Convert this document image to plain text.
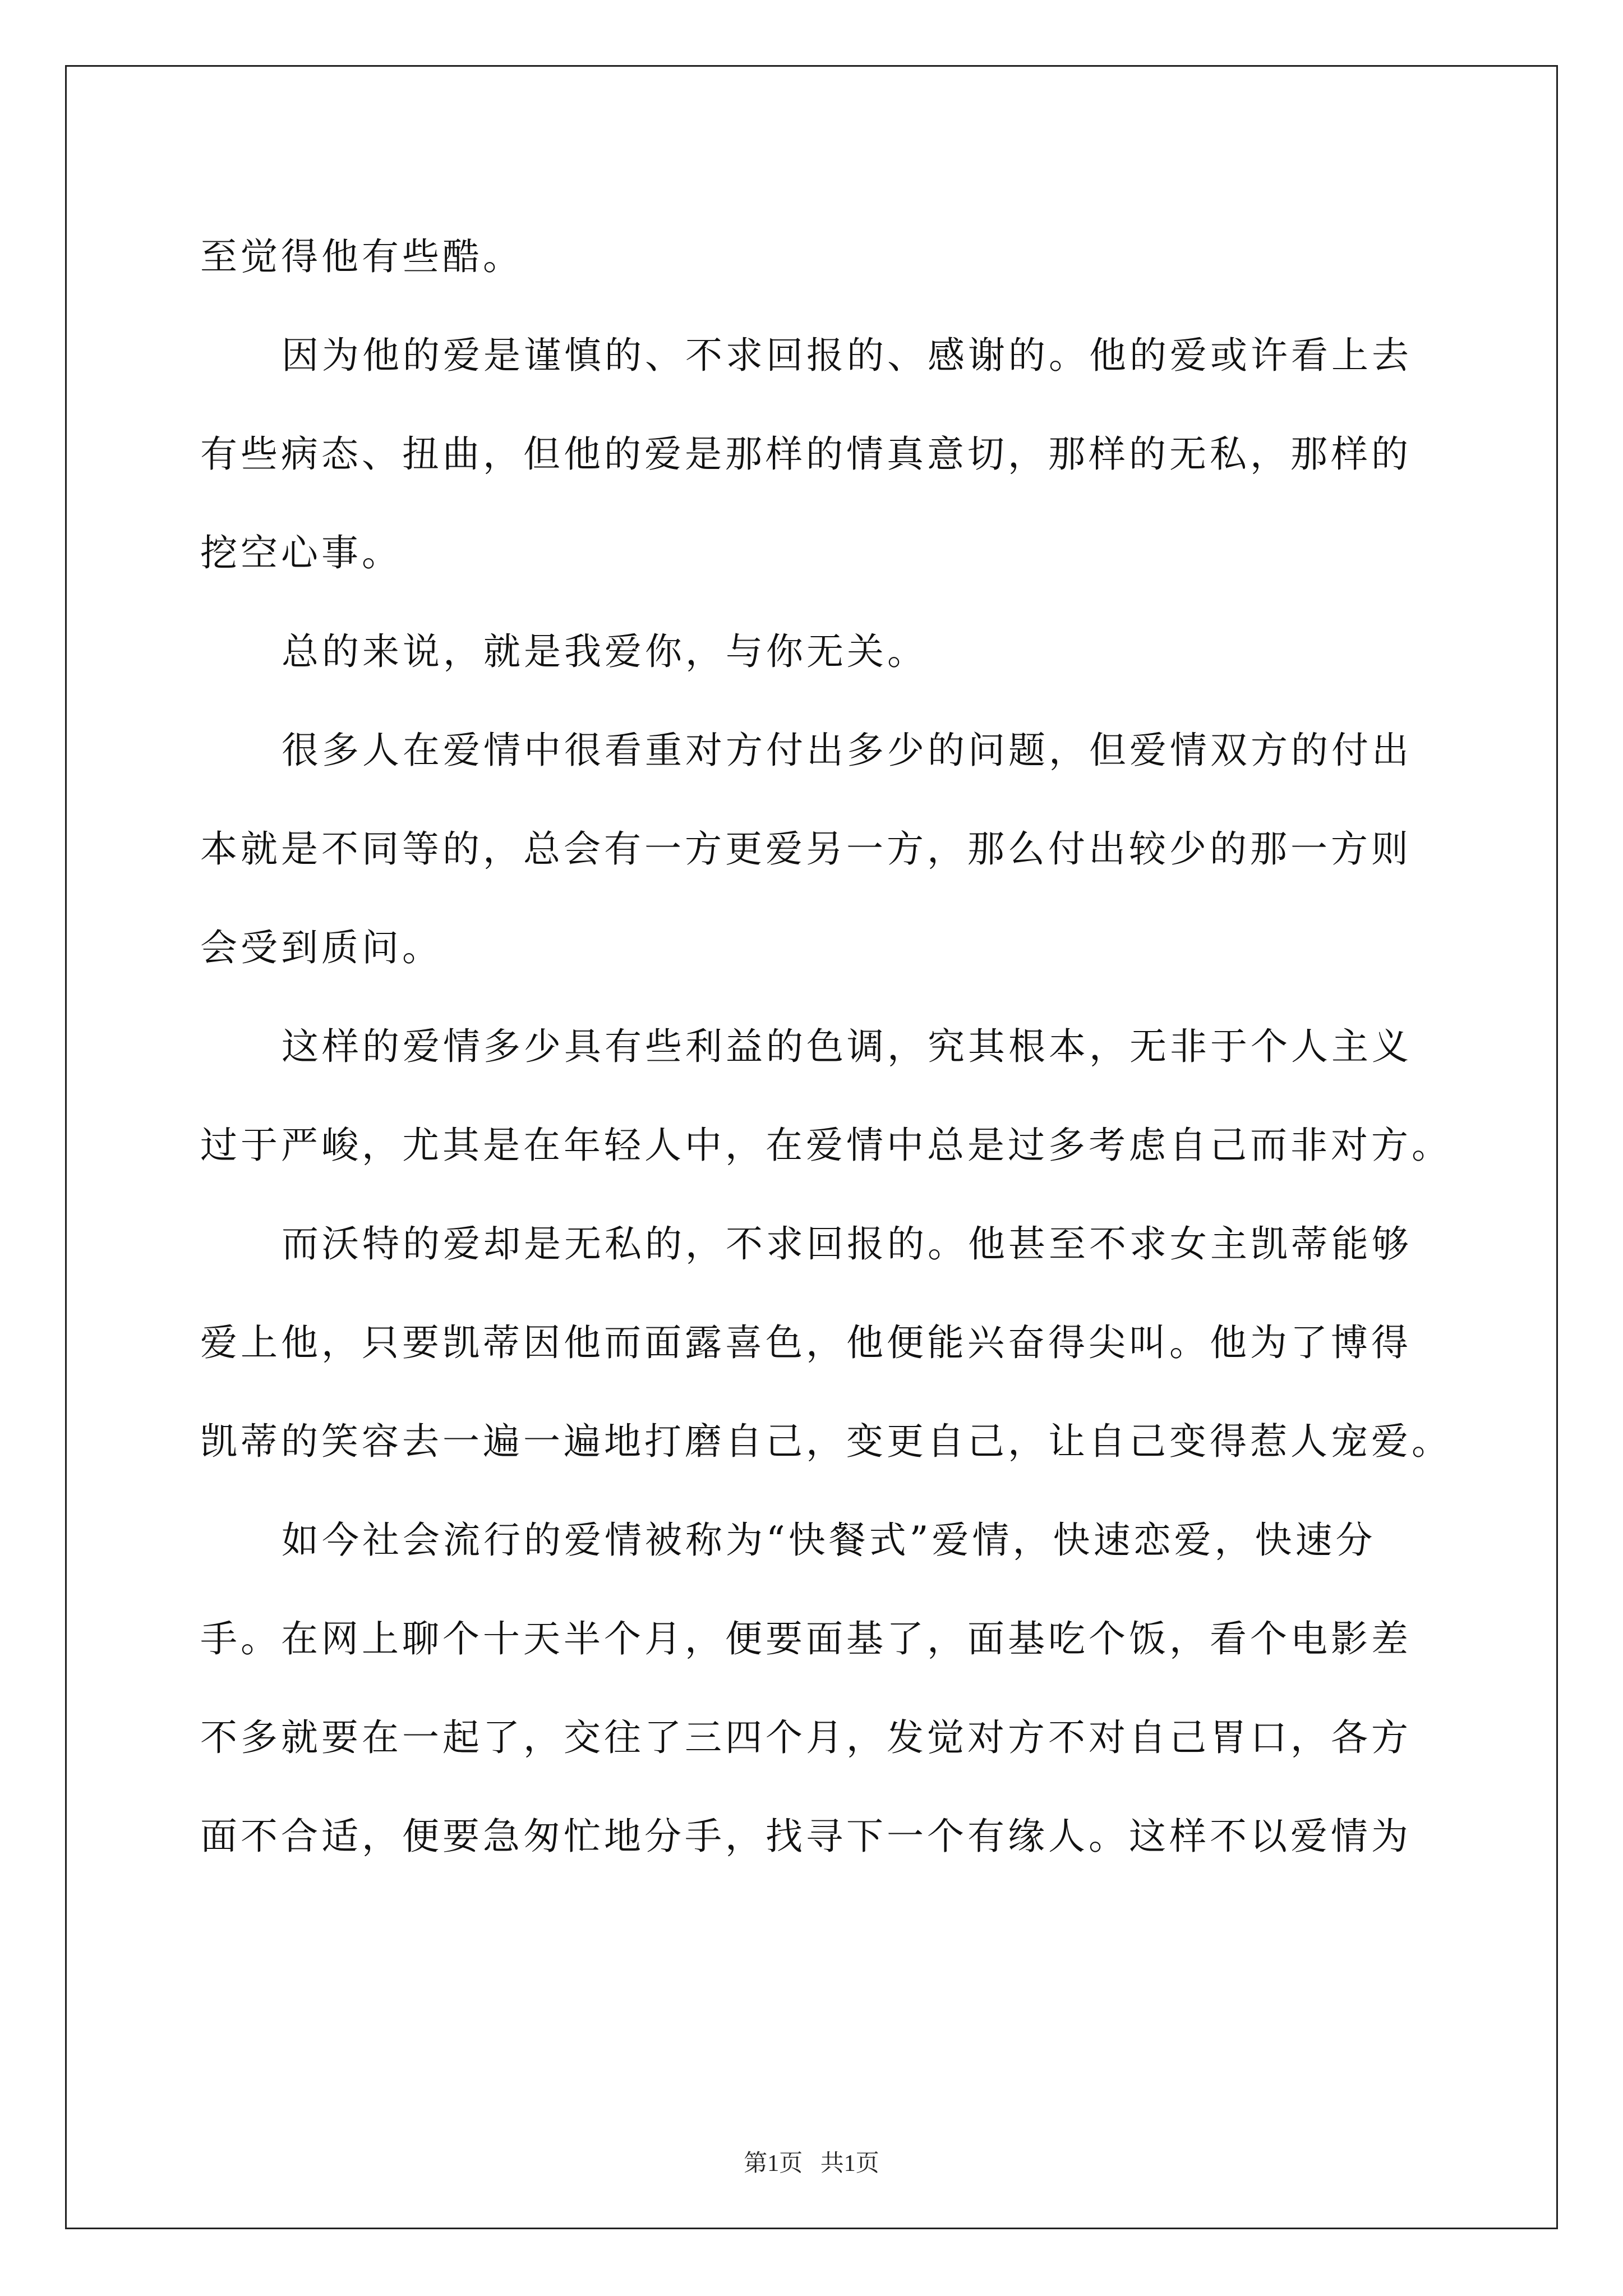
至觉得他有些酷。
因为他的爱是谨慎的、不求回报的、感谢的。他的爱或许看上去
有些病态、扭曲，但他的爱是那样的情真意切，那样的无私，那样的
挖空心事。
总的来说，就是我爱你，与你无关。
很多人在爱情中很看重对方付出多少的问题，但爱情双方的付出
本就是不同等的，总会有一方更爱另一方，那么付出较少的那一方则
会受到质问。
这样的爱情多少具有些利益的色调，究其根本，无非于个人主义
过于严峻，尤其是在年轻人中，在爱情中总是过多考虑自己而非对方。
而沃特的爱却是无私的，不求回报的。他甚至不求女主凯蒂能够
爱上他，只要凯蒂因他而面露喜色，他便能兴奋得尖叫。他为了博得
凯蒂的笑容去一遍一遍地打磨自己，变更自己，让自己变得惹人宠爱。
如今社会流行的爱情被称为“快餐式”爱情，快速恋爱，快速分
手。在网上聊个十天半个月，便要面基了，面基吃个饭，看个电影差
不多就要在一起了，交往了三四个月，发觉对方不对自己胃口，各方
面不合适，便要急匆忙地分手，找寻下一个有缘人。这样不以爱情为
第1页   共1页
